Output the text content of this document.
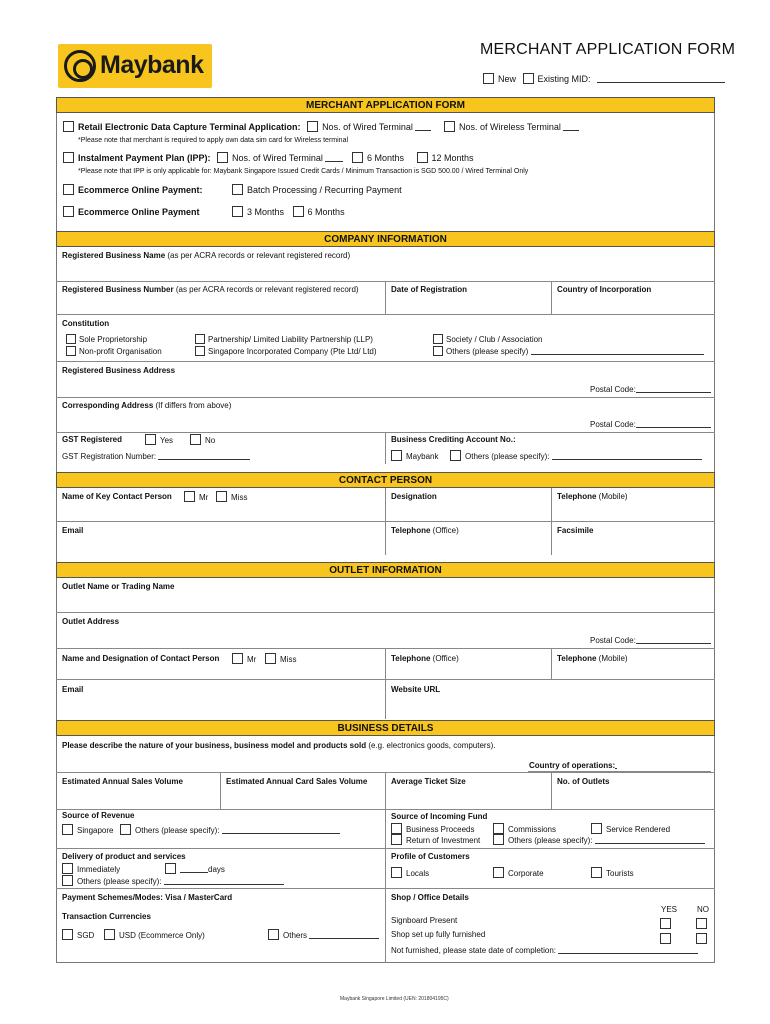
Maybank
MERCHANT APPLICATION FORM
New Existing MID:
MERCHANT APPLICATION FORM
Retail Electronic Data Capture Terminal Application: Nos. of Wired Terminal	Nos. of Wireless Terminal
*Please note that merchant is required to apply own data sim card for Wireless terminal
Instalment Payment Plan (IPP): Nos. of Wired Terminal	6 Months	12 Months
*Please note that IPP is only applicable for: Maybank Singapore Issued Credit Cards / Minimum Transaction is SGD 500.00 / Wired Terminal Only
Ecommerce Online Payment:	Batch Processing / Recurring Payment
Ecommerce Online Payment	3 Months	6 Months
COMPANY INFORMATION
Registered Business Name (as per ACRA records or relevant registered record)
Registered Business Number (as per ACRA records or relevant registered record)	Date of Registration	Country of Incorporation
Constitution
Sole Proprietorship
Non-profit Organisation
Partnership/ Limited Liability Partnership (LLP)
Singapore Incorporated Company (Pte Ltd/ Ltd)
Society / Club / Association
Others (please specify)
Registered Business Address
Postal Code:
Corresponding Address (If differs from above)
Postal Code:
GST Registered	Yes	No	Business Crediting Account No.:
GST Registration Number:	Maybank	Others (please specify):
CONTACT PERSON
Name of Key Contact Person	Mr	Miss	Designation	Telephone (Mobile)
Email	Telephone (Office)	Facsimile
OUTLET INFORMATION
Outlet Name or Trading Name
Outlet Address
Postal Code:
Name and Designation of Contact Person	Mr	Miss	Telephone (Office)	Telephone (Mobile)
Email	Website URL
BUSINESS DETAILS
Please describe the nature of your business, business model and products sold (e.g. electronics goods, computers).
Country of operations:
Estimated Annual Sales Volume	Estimated Annual Card Sales Volume	Average Ticket Size	No. of Outlets
Source of Revenue
Singapore	Others (please specify):
Source of Incoming Fund
Business Proceeds	Commissions	Service Rendered
Return of Investment	Others (please specify):
Delivery of product and services
Immediately	days
Others (please specify):
Profile of Customers
Locals	Corporate	Tourists
Payment Schemes/Modes: Visa / MasterCard
Transaction Currencies
SGD	USD (Ecommerce Only)	Others
Shop / Office Details
YES NO
Signboard Present
Shop set up fully furnished
Not furnished, please state date of completion:
Maybank Singapore Limited (UEN: 201804195C)
